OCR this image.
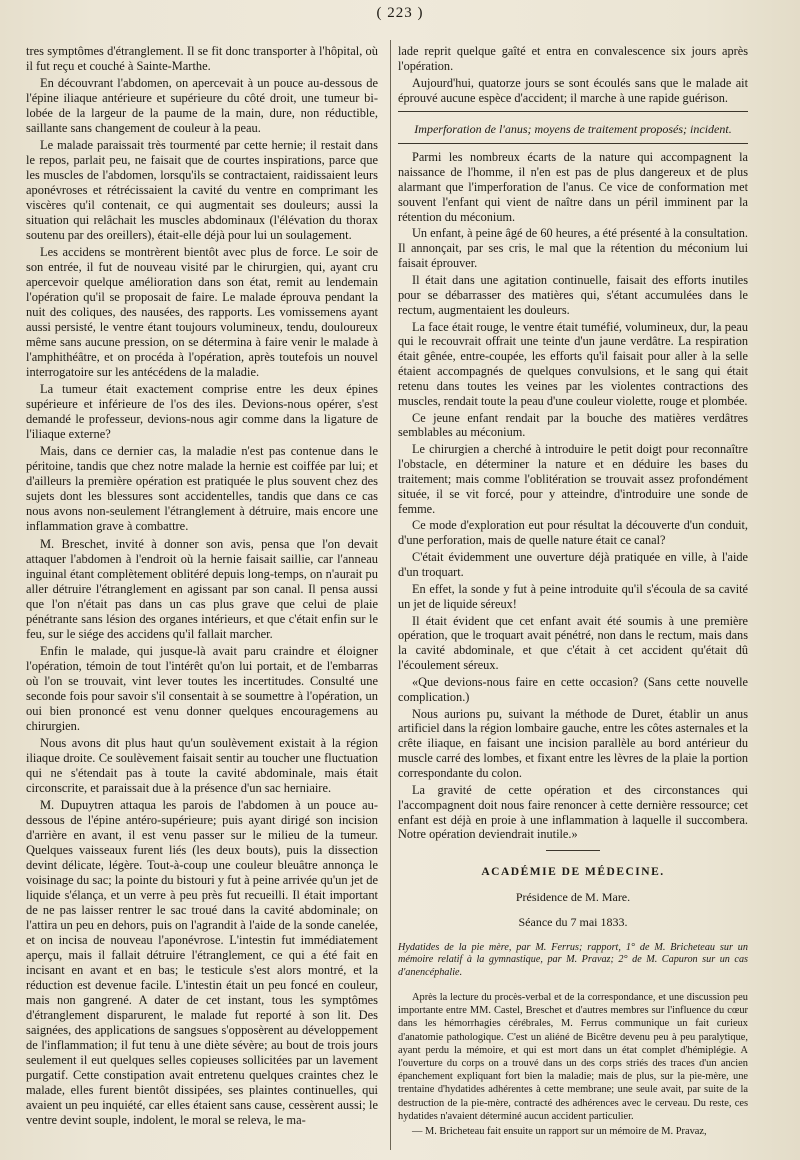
( 223 )

tres symptômes d'étranglement. Il se fit donc transporter à l'hôpital, où il fut reçu et couché à Sainte-Marthe.

En découvrant l'abdomen, on apercevait à un pouce au-dessous de l'épine iliaque antérieure et supérieure du côté droit, une tumeur bi-lobée de la largeur de la paume de la main, dure, non réductible, saillante sans changement de couleur à la peau.

Le malade paraissait très tourmenté par cette hernie; il restait dans le repos, parlait peu, ne faisait que de courtes inspirations, parce que les muscles de l'abdomen, lorsqu'ils se contractaient, raidissaient leurs aponévroses et rétrécissaient la cavité du ventre en comprimant les viscères qu'il contenait, ce qui augmentait ses douleurs; aussi la situation qui relâchait les muscles abdominaux (l'élévation du thorax soutenu par des oreillers), était-elle déjà pour lui un soulagement.

Les accidens se montrèrent bientôt avec plus de force. Le soir de son entrée, il fut de nouveau visité par le chirurgien, qui, ayant cru apercevoir quelque amélioration dans son état, remit au lendemain l'opération qu'il se proposait de faire. Le malade éprouva pendant la nuit des coliques, des nausées, des rapports. Les vomissemens ayant aussi persisté, le ventre étant toujours volumineux, tendu, douloureux même sans aucune pression, on se détermina à faire venir le malade à l'amphithéâtre, et on procéda à l'opération, après toutefois un nouvel interrogatoire sur les antécédens de la maladie.

La tumeur était exactement comprise entre les deux épines supérieure et inférieure de l'os des iles. Devions-nous opérer, s'est demandé le professeur, devions-nous agir comme dans la ligature de l'iliaque externe?

Mais, dans ce dernier cas, la maladie n'est pas contenue dans le péritoine, tandis que chez notre malade la hernie est coiffée par lui; et d'ailleurs la première opération est pratiquée le plus souvent chez des sujets dont les blessures sont accidentelles, tandis que dans ce cas nous avons non-seulement l'étranglement à détruire, mais encore une inflammation grave à combattre.

M. Breschet, invité à donner son avis, pensa que l'on devait attaquer l'abdomen à l'endroit où la hernie faisait saillie, car l'anneau inguinal étant complètement oblitéré depuis long-temps, on n'aurait pu aller détruire l'étranglement en agissant par son canal. Il pensa aussi que l'on n'était pas dans un cas plus grave que celui de plaie pénétrante sans lésion des organes intérieurs, et que c'était enfin sur le feu, sur le siége des accidens qu'il fallait marcher.

Enfin le malade, qui jusque-là avait paru craindre et éloigner l'opération, témoin de tout l'intérêt qu'on lui portait, et de l'embarras où l'on se trouvait, vint lever toutes les incertitudes. Consulté une seconde fois pour savoir s'il consentait à se soumettre à l'opération, un oui bien prononcé est venu donner quelques encouragemens au chirurgien.

Nous avons dit plus haut qu'un soulèvement existait à la région iliaque droite. Ce soulèvement faisait sentir au toucher une fluctuation qui ne s'étendait pas à toute la cavité abdominale, mais était circonscrite, et paraissait due à la présence d'un sac herniaire.

M. Dupuytren attaqua les parois de l'abdomen à un pouce au-dessous de l'épine antéro-supérieure; puis ayant dirigé son incision d'arrière en avant, il est venu passer sur le milieu de la tumeur. Quelques vaisseaux furent liés (les deux bouts), puis la dissection devint délicate, légère. Tout-à-coup une couleur bleuâtre annonça le voisinage du sac; la pointe du bistouri y fut à peine arrivée qu'un jet de liquide s'élança, et un verre à peu près fut recueilli. Il était important de ne pas laisser rentrer le sac troué dans la cavité abdominale; on l'attira un peu en dehors, puis on l'agrandit à l'aide de la sonde canelée, et on incisa de nouveau l'aponévrose. L'intestin fut immédiatement aperçu, mais il fallait détruire l'étranglement, ce qui a été fait en incisant en avant et en bas; le testicule s'est alors montré, et la réduction est devenue facile. L'intestin était un peu foncé en couleur, mais non gangrené. A dater de cet instant, tous les symptômes d'étranglement disparurent, le malade fut reporté à son lit. Des saignées, des applications de sangsues s'opposèrent au développement de l'inflammation; il fut tenu à une diète sévère; au bout de trois jours seulement il eut quelques selles copieuses sollicitées par un lavement purgatif. Cette constipation avait entretenu quelques craintes chez le malade, elles furent bientôt dissipées, ses plaintes continuelles, qui avaient un peu inquiété, car elles étaient sans cause, cessèrent aussi; le ventre devint souple, indolent, le moral se releva, le ma-

lade reprit quelque gaîté et entra en convalescence six jours après l'opération.

Aujourd'hui, quatorze jours se sont écoulés sans que le malade ait éprouvé aucune espèce d'accident; il marche à une rapide guérison.

Imperforation de l'anus; moyens de traitement proposés; incident.

Parmi les nombreux écarts de la nature qui accompagnent la naissance de l'homme, il n'en est pas de plus dangereux et de plus alarmant que l'imperforation de l'anus. Ce vice de conformation met souvent l'enfant qui vient de naître dans un péril imminent par la rétention du méconium.

Un enfant, à peine âgé de 60 heures, a été présenté à la consultation. Il annonçait, par ses cris, le mal que la rétention du méconium lui faisait éprouver.

Il était dans une agitation continuelle, faisait des efforts inutiles pour se débarrasser des matières qui, s'étant accumulées dans le rectum, augmentaient les douleurs.

La face était rouge, le ventre était tuméfié, volumineux, dur, la peau qui le recouvrait offrait une teinte d'un jaune verdâtre. La respiration était gênée, entre-coupée, les efforts qu'il faisait pour aller à la selle étaient accompagnés de quelques convulsions, et le sang qui était retenu dans toutes les veines par les violentes contractions des muscles, rendait toute la peau d'une couleur violette, rouge et plombée.

Ce jeune enfant rendait par la bouche des matières verdâtres semblables au méconium.

Le chirurgien a cherché à introduire le petit doigt pour reconnaître l'obstacle, en déterminer la nature et en déduire les bases du traitement; mais comme l'oblitération se trouvait assez profondément située, il se vit forcé, pour y atteindre, d'introduire une sonde de femme.

Ce mode d'exploration eut pour résultat la découverte d'un conduit, d'une perforation, mais de quelle nature était ce canal?

C'était évidemment une ouverture déjà pratiquée en ville, à l'aide d'un troquart.

En effet, la sonde y fut à peine introduite qu'il s'écoula de sa cavité un jet de liquide séreux!

Il était évident que cet enfant avait été soumis à une première opération, que le troquart avait pénétré, non dans le rectum, mais dans la cavité abdominale, et que c'était à cet accident qu'était dû l'écoulement séreux.

«Que devions-nous faire en cette occasion? (Sans cette nouvelle complication.)

Nous aurions pu, suivant la méthode de Duret, établir un anus artificiel dans la région lombaire gauche, entre les côtes asternales et la crête iliaque, en faisant une incision parallèle au bord antérieur du muscle carré des lombes, et fixant entre les lèvres de la plaie la portion correspondante du colon.

La gravité de cette opération et des circonstances qui l'accompagnent doit nous faire renoncer à cette dernière ressource; cet enfant est déjà en proie à une inflammation à laquelle il succombera. Notre opération deviendrait inutile.»

ACADÉMIE DE MÉDECINE.
Présidence de M. Mare.
Séance du 7 mai 1833.
Hydatides de la pie mère, par M. Ferrus; rapport, 1° de M. Bricheteau sur un mémoire relatif à la gymnastique, par M. Pravaz; 2° de M. Capuron sur un cas d'anencéphalie.

Après la lecture du procès-verbal et de la correspondance, et une discussion peu importante entre MM. Castel, Breschet et d'autres membres sur l'influence du cœur dans les hémorrhagies cérébrales, M. Ferrus communique un fait curieux d'anatomie pathologique. C'est un aliéné de Bicêtre devenu peu à peu paralytique, ayant perdu la mémoire, et qui est mort dans un état complet d'hémiplégie. A l'ouverture du corps on a trouvé dans un des corps striés des traces d'un ancien épanchement expliquant fort bien la maladie; mais de plus, sur la pie-mère, une trentaine d'hydatides adhérentes à cette membrane; une seule avait, par suite de la destruction de la pie-mère, contracté des adhérences avec le cerveau. Du reste, ces hydatides n'avaient déterminé aucun accident particulier.

— M. Bricheteau fait ensuite un rapport sur un mémoire de M. Pravaz,
